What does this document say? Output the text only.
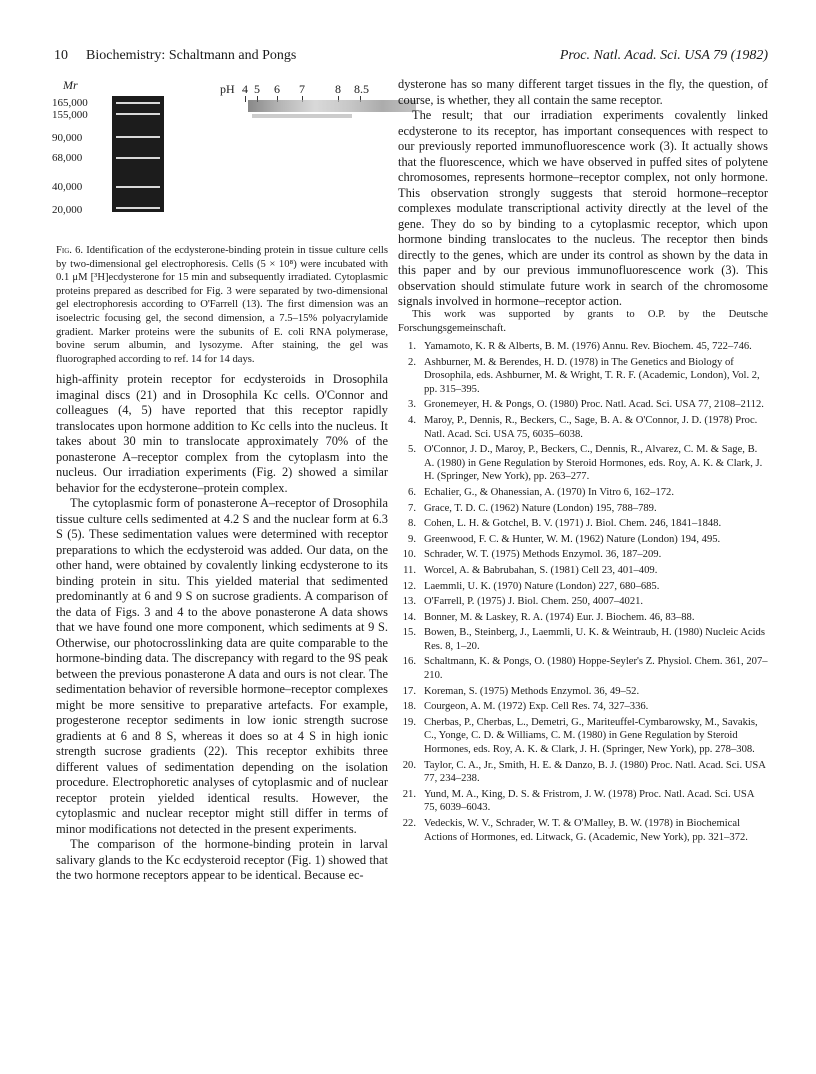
10 Biochemistry: Schaltmann and Pongs	Proc. Natl. Acad. Sci. USA 79 (1982)
Mr
165,000
155,000
90,000
68,000
40,000
20,000
pH 4 5 6 7	8 8.5
Fig. 6. Identification of the ecdysterone-binding protein in tissue culture cells by two-dimensional gel electrophoresis. Cells (5 × 10⁸) were incubated with 0.1 μM [³H]ecdysterone for 15 min and subsequently irradiated. Cytoplasmic proteins prepared as described for Fig. 3 were separated by two-dimensional gel electrophoresis according to O'Farrell (13). The first dimension was an isoelectric focusing gel, the second dimension, a 7.5–15% polyacrylamide gradient. Marker proteins were the subunits of E. coli RNA polymerase, bovine serum albumin, and lysozyme. After staining, the gel was fluorographed according to ref. 14 for 14 days.

high-affinity protein receptor for ecdysteroids in Drosophila imaginal discs (21) and in Drosophila Kc cells. O'Connor and colleagues (4, 5) have reported that this receptor rapidly translocates upon hormone addition to Kc cells into the nucleus. It takes about 30 min to translocate approximately 70% of the ponasterone A–receptor complex from the cytoplasm into the nucleus. Our irradiation experiments (Fig. 2) showed a similar behavior for the ecdysterone–protein complex.

The cytoplasmic form of ponasterone A–receptor of Drosophila tissue culture cells sedimented at 4.2 S and the nuclear form at 6.3 S (5). These sedimentation values were determined with receptor preparations to which the ecdysteroid was added. Our data, on the other hand, were obtained by covalently linking ecdysterone to its binding protein in situ. This yielded material that sedimented predominantly at 6 and 9 S on sucrose gradients. A comparison of the data of Figs. 3 and 4 to the above ponasterone A data shows that we have found one more component, which sediments at 9 S. Otherwise, our photocrosslinking data are quite comparable to the hormone-binding data. The discrepancy with regard to the 9S peak between the previous ponasterone A data and ours is not clear. The sedimentation behavior of reversible hormone–receptor complexes might be more sensitive to preparative artefacts. For example, progesterone receptor sediments in low ionic strength sucrose gradients at 6 and 8 S, whereas it does so at 4 S in high ionic strength sucrose gradients (22). This receptor exhibits three different values of sedimentation depending on the isolation procedure. Electrophoretic analyses of cytoplasmic and of nuclear receptor protein yielded identical results. However, the cytoplasmic and nuclear receptor might still differ in terms of minor modifications not detected in the present experiments.

The comparison of the hormone-binding protein in larval salivary glands to the Kc ecdysteroid receptor (Fig. 1) showed that the two hormone receptors appear to be identical. Because ec-

dysterone has so many different target tissues in the fly, the question, of course, is whether, they all contain the same receptor.

The result; that our irradiation experiments covalently linked ecdysterone to its receptor, has important consequences with respect to our previously reported immunofluorescence work (3). It actually shows that the fluorescence, which we have observed in puffed sites of polytene chromosomes, represents hormone–receptor complex, not only hormone. This observation strongly suggests that steroid hormone–receptor complexes modulate transcriptional activity directly at the level of the gene. They do so by binding to a cytoplasmic receptor, which upon hormone binding translocates to the nucleus. The receptor then binds directly to the genes, which are under its control as shown by the data in this paper and by our previous immunofluorescence work (3). This observation should stimulate future work in search of the chromosome signals involved in hormone–receptor action.

This work was supported by grants to O.P. by the Deutsche Forschungsgemeinschaft.
1. Yamamoto, K. R & Alberts, B. M. (1976) Annu. Rev. Biochem. 45, 722–746.
2. Ashburner, M. & Berendes, H. D. (1978) in The Genetics and Biology of Drosophila, eds. Ashburner, M. & Wright, T. R. F. (Academic, London), Vol. 2, pp. 315–395.
3. Gronemeyer, H. & Pongs, O. (1980) Proc. Natl. Acad. Sci. USA 77, 2108–2112.
4. Maroy, P., Dennis, R., Beckers, C., Sage, B. A. & O'Connor, J. D. (1978) Proc. Natl. Acad. Sci. USA 75, 6035–6038.
5. O'Connor, J. D., Maroy, P., Beckers, C., Dennis, R., Alvarez, C. M. & Sage, B. A. (1980) in Gene Regulation by Steroid Hormones, eds. Roy, A. K. & Clark, J. H. (Springer, New York), pp. 263–277.
6. Echalier, G., & Ohanessian, A. (1970) In Vitro 6, 162–172.
7. Grace, T. D. C. (1962) Nature (London) 195, 788–789.
8. Cohen, L. H. & Gotchel, B. V. (1971) J. Biol. Chem. 246, 1841–1848.
9. Greenwood, F. C. & Hunter, W. M. (1962) Nature (London) 194, 495.
10. Schrader, W. T. (1975) Methods Enzymol. 36, 187–209.
11. Worcel, A. & Babrubahan, S. (1981) Cell 23, 401–409.
12. Laemmli, U. K. (1970) Nature (London) 227, 680–685.
13. O'Farrell, P. (1975) J. Biol. Chem. 250, 4007–4021.
14. Bonner, M. & Laskey, R. A. (1974) Eur. J. Biochem. 46, 83–88.
15. Bowen, B., Steinberg, J., Laemmli, U. K. & Weintraub, H. (1980) Nucleic Acids Res. 8, 1–20.
16. Schaltmann, K. & Pongs, O. (1980) Hoppe-Seyler's Z. Physiol. Chem. 361, 207–210.
17. Koreman, S. (1975) Methods Enzymol. 36, 49–52.
18. Courgeon, A. M. (1972) Exp. Cell Res. 74, 327–336.
19. Cherbas, P., Cherbas, L., Demetri, G., Mariteuffel-Cymbarowsky, M., Savakis, C., Yonge, C. D. & Williams, C. M. (1980) in Gene Regulation by Steroid Hormones, eds. Roy, A. K. & Clark, J. H. (Springer, New York), pp. 278–308.
20. Taylor, C. A., Jr., Smith, H. E. & Danzo, B. J. (1980) Proc. Natl. Acad. Sci. USA 77, 234–238.
21. Yund, M. A., King, D. S. & Fristrom, J. W. (1978) Proc. Natl. Acad. Sci. USA 75, 6039–6043.
22. Vedeckis, W. V., Schrader, W. T. & O'Malley, B. W. (1978) in Biochemical Actions of Hormones, ed. Litwack, G. (Academic, New York), pp. 321–372.
